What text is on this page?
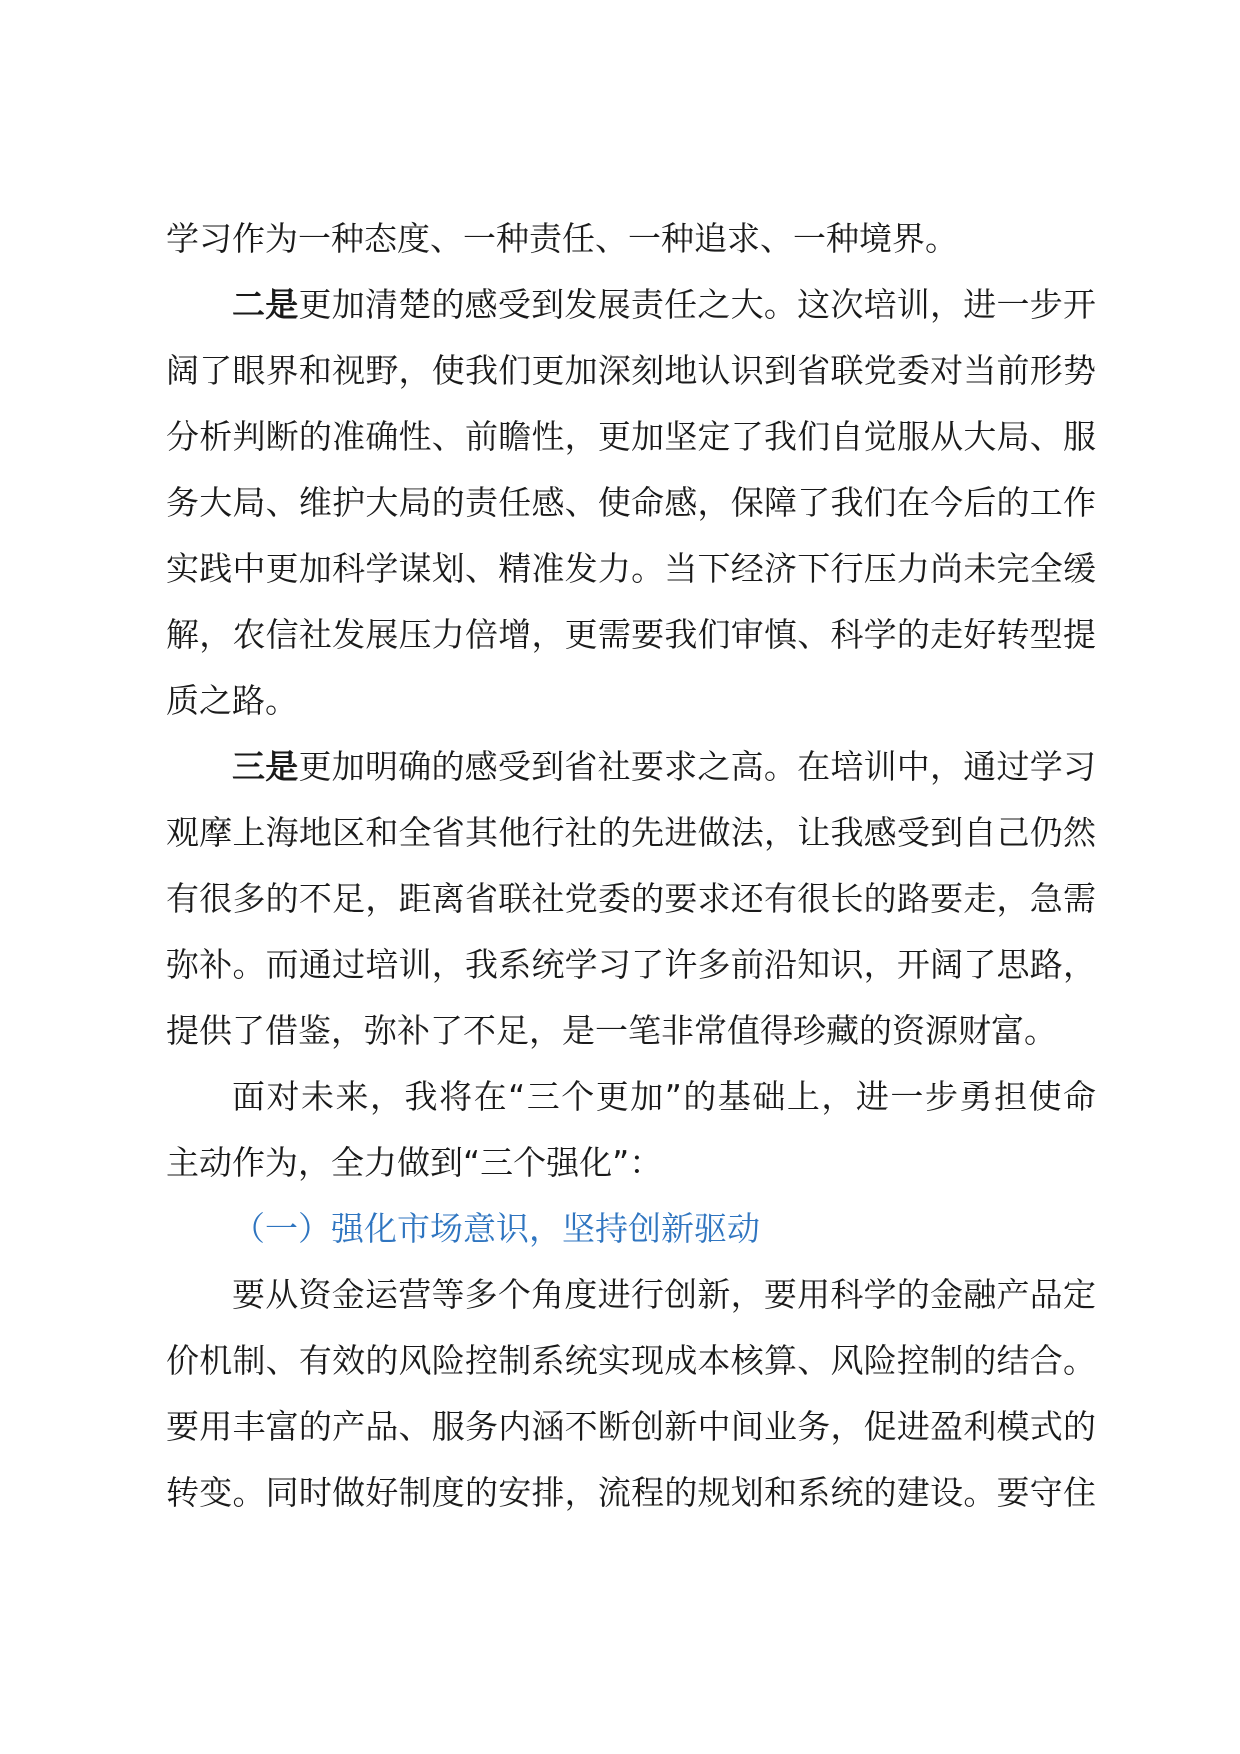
学习作为一种态度、一种责任、一种追求、一种境界。
二是更加清楚的感受到发展责任之大。这次培训，进一步开
阔了眼界和视野，使我们更加深刻地认识到省联党委对当前形势
分析判断的准确性、前瞻性，更加坚定了我们自觉服从大局、服
务大局、维护大局的责任感、使命感，保障了我们在今后的工作
实践中更加科学谋划、精准发力。当下经济下行压力尚未完全缓
解，农信社发展压力倍增，更需要我们审慎、科学的走好转型提
质之路。
三是更加明确的感受到省社要求之高。在培训中，通过学习
观摩上海地区和全省其他行社的先进做法，让我感受到自己仍然
有很多的不足，距离省联社党委的要求还有很长的路要走，急需
弥补。而通过培训，我系统学习了许多前沿知识，开阔了思路，
提供了借鉴，弥补了不足，是一笔非常值得珍藏的资源财富。
面对未来，我将在“三个更加”的基础上，进一步勇担使命
主动作为，全力做到“三个强化”：
（一）强化市场意识，坚持创新驱动
要从资金运营等多个角度进行创新，要用科学的金融产品定
价机制、有效的风险控制系统实现成本核算、风险控制的结合。
要用丰富的产品、服务内涵不断创新中间业务，促进盈利模式的
转变。同时做好制度的安排，流程的规划和系统的建设。要守住
